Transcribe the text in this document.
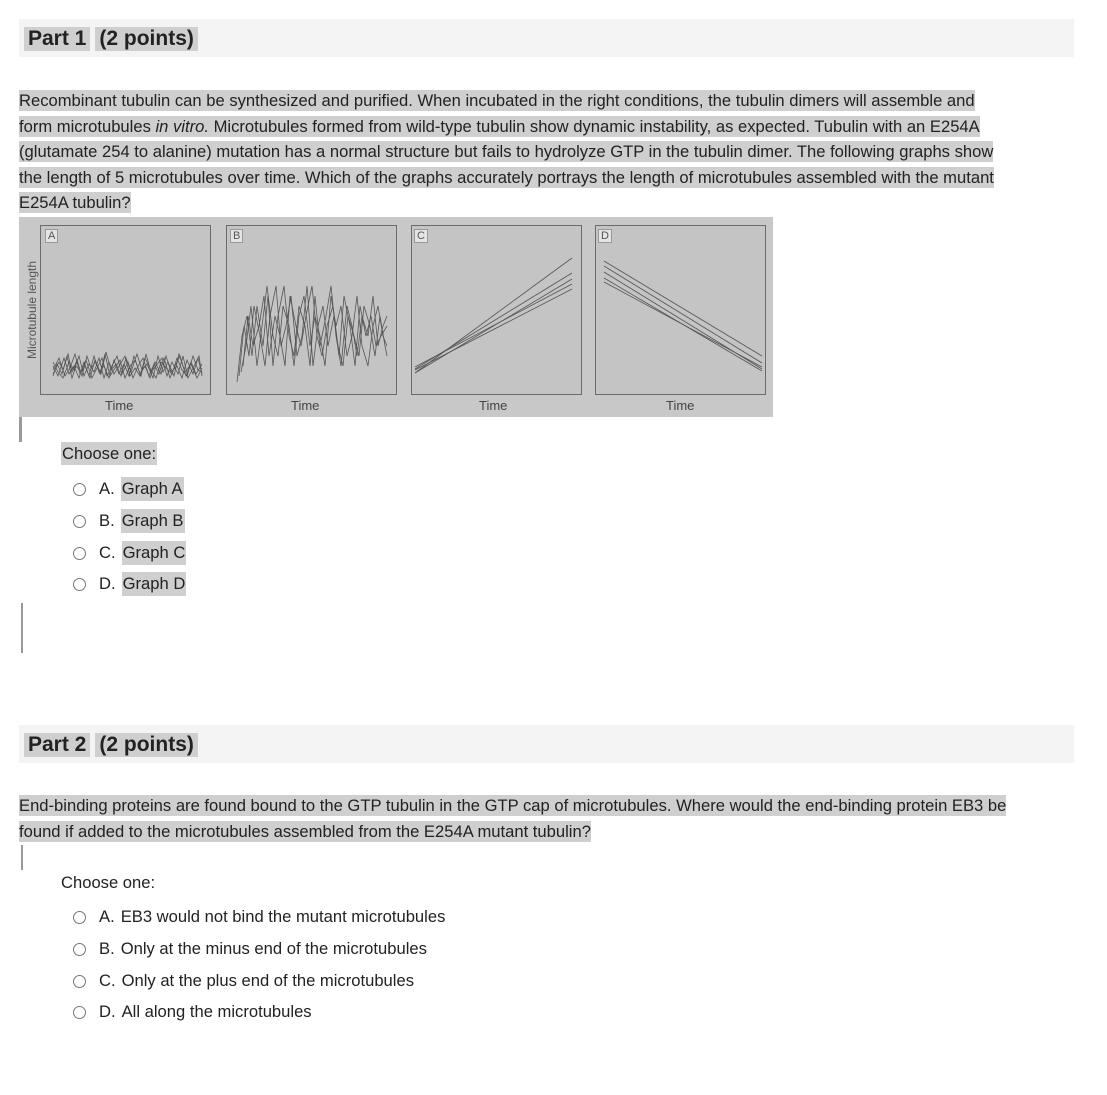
Part 1 (2 points)
Recombinant tubulin can be synthesized and purified. When incubated in the right conditions, the tubulin dimers will assemble and
form microtubules in vitro. Microtubules formed from wild-type tubulin show dynamic instability, as expected. Tubulin with an E254A
(glutamate 254 to alanine) mutation has a normal structure but fails to hydrolyze GTP in the tubulin dimer. The following graphs show
the length of 5 microtubules over time. Which of the graphs accurately portrays the length of microtubules assembled with the mutant
E254A tubulin?
Microtubule length
A	B	C	D
Time	Time	Time	Time
Choose one:
A. Graph A
B. Graph B
C. Graph C
D. Graph D
Part 2 (2 points)
End-binding proteins are found bound to the GTP tubulin in the GTP cap of microtubules. Where would the end-binding protein EB3 be
found if added to the microtubules assembled from the E254A mutant tubulin?
Choose one:
A. EB3 would not bind the mutant microtubules
B. Only at the minus end of the microtubules
C. Only at the plus end of the microtubules
D. All along the microtubules
